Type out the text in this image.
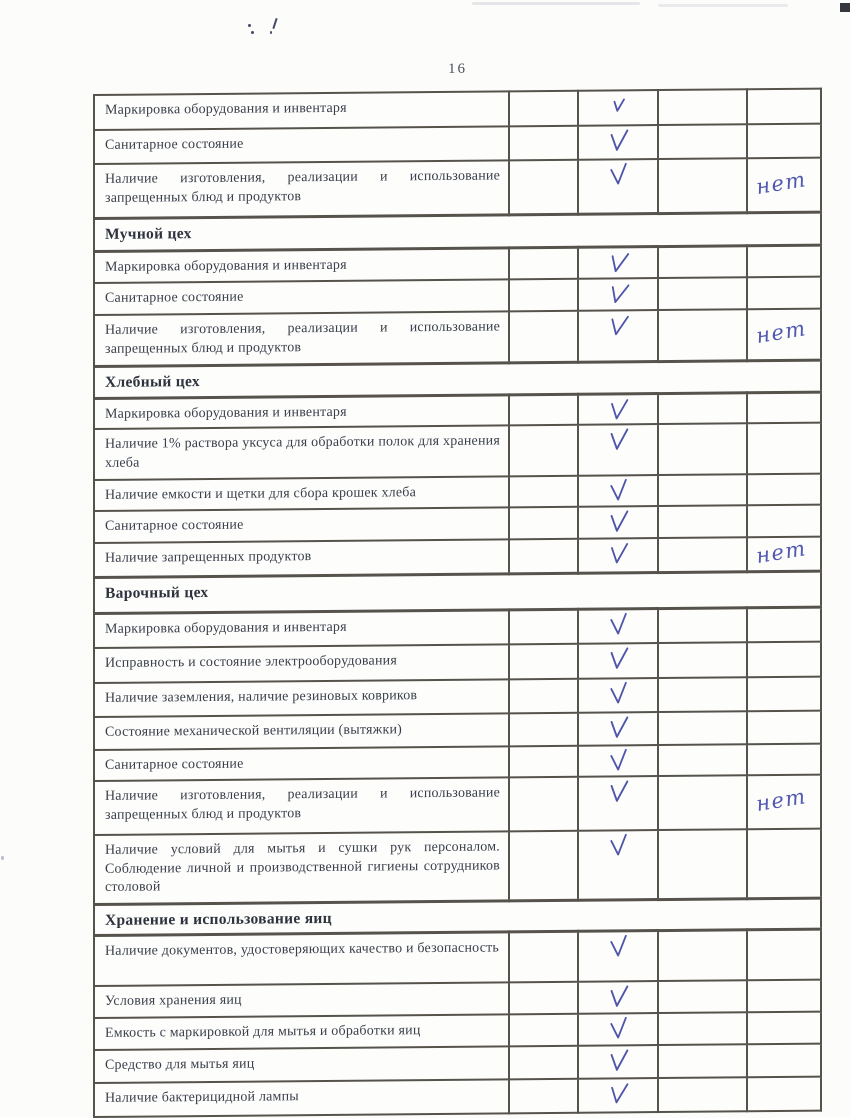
16
Маркировка оборудования и инвентаря				
Санитарное состояние				
Наличие изготовления, реализации и использование запрещенных блюд и продуктов				нет

Мучной цех				
Маркировка оборудования и инвентаря				
Санитарное состояние				
Наличие изготовления, реализации и использование запрещенных блюд и продуктов				нет

Хлебный цех				
Маркировка оборудования и инвентаря				
Наличие 1% раствора уксуса для обработки полок для хранения хлеба				
Наличие емкости и щетки для сбора крошек хлеба				
Санитарное состояние				
Наличие запрещенных продуктов				нет

Варочный цех				
Маркировка оборудования и инвентаря				
Исправность и состояние электрооборудования				
Наличие заземления, наличие резиновых ковриков				
Состояние механической вентиляции (вытяжки)				
Санитарное состояние				
Наличие изготовления, реализации и использование запрещенных блюд и продуктов				нет

Наличие условий для мытья и сушки рук персоналом. Соблюдение личной и производственной гигиены сотрудников столовой				
Хранение и использование яиц				
Наличие документов, удостоверяющих качество и безопасность				
Условия хранения яиц				
Емкость с маркировкой для мытья и обработки яиц				
Средство для мытья яиц				
Наличие бактерицидной лампы				
